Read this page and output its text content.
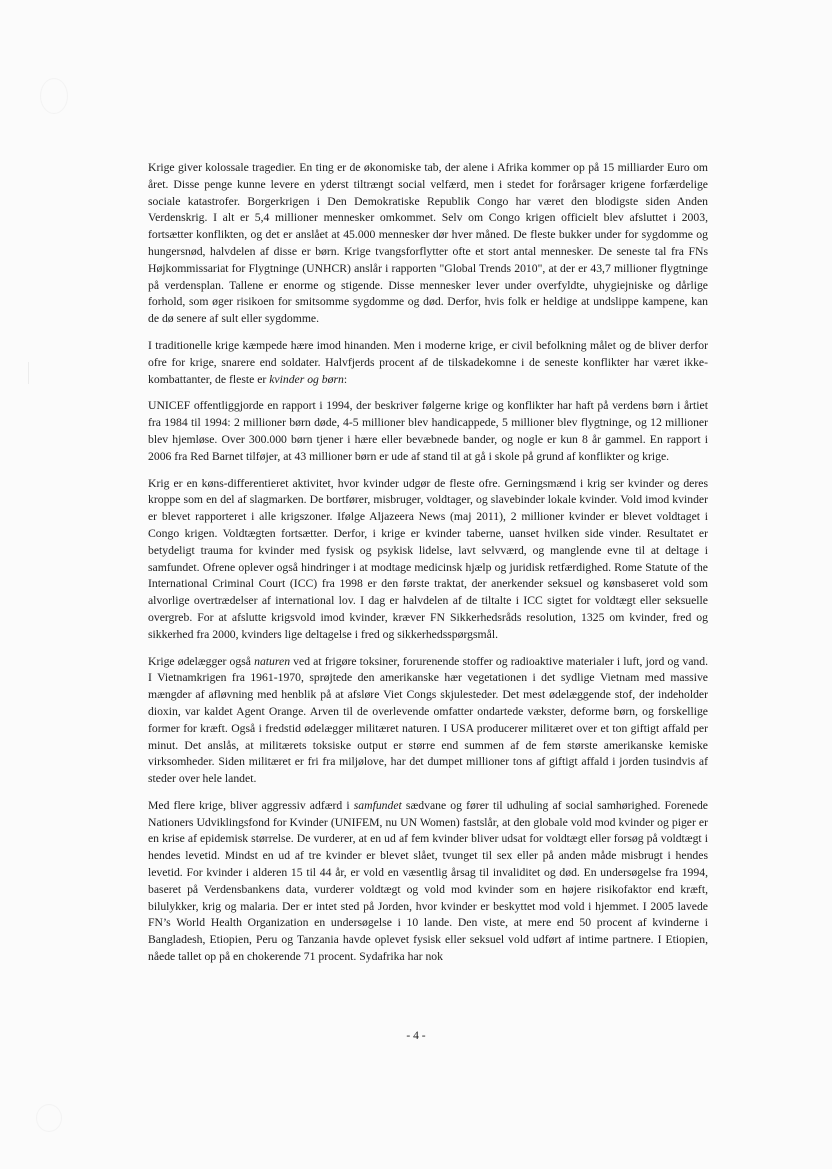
Krige giver kolossale tragedier. En ting er de økonomiske tab, der alene i Afrika kommer op på 15 milliarder Euro om året. Disse penge kunne levere en yderst tiltrængt social velfærd, men i stedet for forårsager krigene forfærdelige sociale katastrofer. Borgerkrigen i Den Demokratiske Republik Congo har været den blodigste siden Anden Verdenskrig. I alt er 5,4 millioner mennesker omkommet. Selv om Congo krigen officielt blev afsluttet i 2003, fortsætter konflikten, og det er anslået at 45.000 mennesker dør hver måned. De fleste bukker under for sygdomme og hungersnød, halvdelen af disse er børn. Krige tvangsforflytter ofte et stort antal mennesker. De seneste tal fra FNs Højkommissariat for Flygtninge (UNHCR) anslår i rapporten "Global Trends 2010", at der er 43,7 millioner flygtninge på verdensplan. Tallene er enorme og stigende. Disse mennesker lever under overfyldte, uhygiejniske og dårlige forhold, som øger risikoen for smitsomme sygdomme og død. Derfor, hvis folk er heldige at undslippe kampene, kan de dø senere af sult eller sygdomme.

I traditionelle krige kæmpede hære imod hinanden. Men i moderne krige, er civil befolkning målet og de bliver derfor ofre for krige, snarere end soldater. Halvfjerds procent af de tilskadekomne i de seneste konflikter har været ikke-kombattanter, de fleste er kvinder og børn:

UNICEF offentliggjorde en rapport i 1994, der beskriver følgerne krige og konflikter har haft på verdens børn i årtiet fra 1984 til 1994: 2 millioner børn døde, 4-5 millioner blev handicappede, 5 millioner blev flygtninge, og 12 millioner blev hjemløse. Over 300.000 børn tjener i hære eller bevæbnede bander, og nogle er kun 8 år gammel. En rapport i 2006 fra Red Barnet tilføjer, at 43 millioner børn er ude af stand til at gå i skole på grund af konflikter og krige.

Krig er en køns-differentieret aktivitet, hvor kvinder udgør de fleste ofre. Gerningsmænd i krig ser kvinder og deres kroppe som en del af slagmarken. De bortfører, misbruger, voldtager, og slavebinder lokale kvinder. Vold imod kvinder er blevet rapporteret i alle krigszoner. Ifølge Aljazeera News (maj 2011), 2 millioner kvinder er blevet voldtaget i Congo krigen. Voldtægten fortsætter. Derfor, i krige er kvinder taberne, uanset hvilken side vinder. Resultatet er betydeligt trauma for kvinder med fysisk og psykisk lidelse, lavt selvværd, og manglende evne til at deltage i samfundet. Ofrene oplever også hindringer i at modtage medicinsk hjælp og juridisk retfærdighed. Rome Statute of the International Criminal Court (ICC) fra 1998 er den første traktat, der anerkender seksuel og kønsbaseret vold som alvorlige overtrædelser af international lov. I dag er halvdelen af de tiltalte i ICC sigtet for voldtægt eller seksuelle overgreb. For at afslutte krigsvold imod kvinder, kræver FN Sikkerhedsråds resolution, 1325 om kvinder, fred og sikkerhed fra 2000, kvinders lige deltagelse i fred og sikkerhedsspørgsmål.

Krige ødelægger også naturen ved at frigøre toksiner, forurenende stoffer og radioaktive materialer i luft, jord og vand. I Vietnamkrigen fra 1961-1970, sprøjtede den amerikanske hær vegetationen i det sydlige Vietnam med massive mængder af afløvning med henblik på at afsløre Viet Congs skjulesteder. Det mest ødelæggende stof, der indeholder dioxin, var kaldet Agent Orange. Arven til de overlevende omfatter ondartede vækster, deforme børn, og forskellige former for kræft. Også i fredstid ødelægger militæret naturen. I USA producerer militæret over et ton giftigt affald per minut. Det anslås, at militærets toksiske output er større end summen af de fem største amerikanske kemiske virksomheder. Siden militæret er fri fra miljølove, har det dumpet millioner tons af giftigt affald i jorden tusindvis af steder over hele landet.

Med flere krige, bliver aggressiv adfærd i samfundet sædvane og fører til udhuling af social samhørighed. Forenede Nationers Udviklingsfond for Kvinder (UNIFEM, nu UN Women) fastslår, at den globale vold mod kvinder og piger er en krise af epidemisk størrelse. De vurderer, at en ud af fem kvinder bliver udsat for voldtægt eller forsøg på voldtægt i hendes levetid. Mindst en ud af tre kvinder er blevet slået, tvunget til sex eller på anden måde misbrugt i hendes levetid. For kvinder i alderen 15 til 44 år, er vold en væsentlig årsag til invaliditet og død. En undersøgelse fra 1994, baseret på Verdensbankens data, vurderer voldtægt og vold mod kvinder som en højere risikofaktor end kræft, bilulykker, krig og malaria. Der er intet sted på Jorden, hvor kvinder er beskyttet mod vold i hjemmet. I 2005 lavede FN’s World Health Organization en undersøgelse i 10 lande. Den viste, at mere end 50 procent af kvinderne i Bangladesh, Etiopien, Peru og Tanzania havde oplevet fysisk eller seksuel vold udført af intime partnere. I Etiopien, nåede tallet op på en chokerende 71 procent. Sydafrika har nok

- 4 -
